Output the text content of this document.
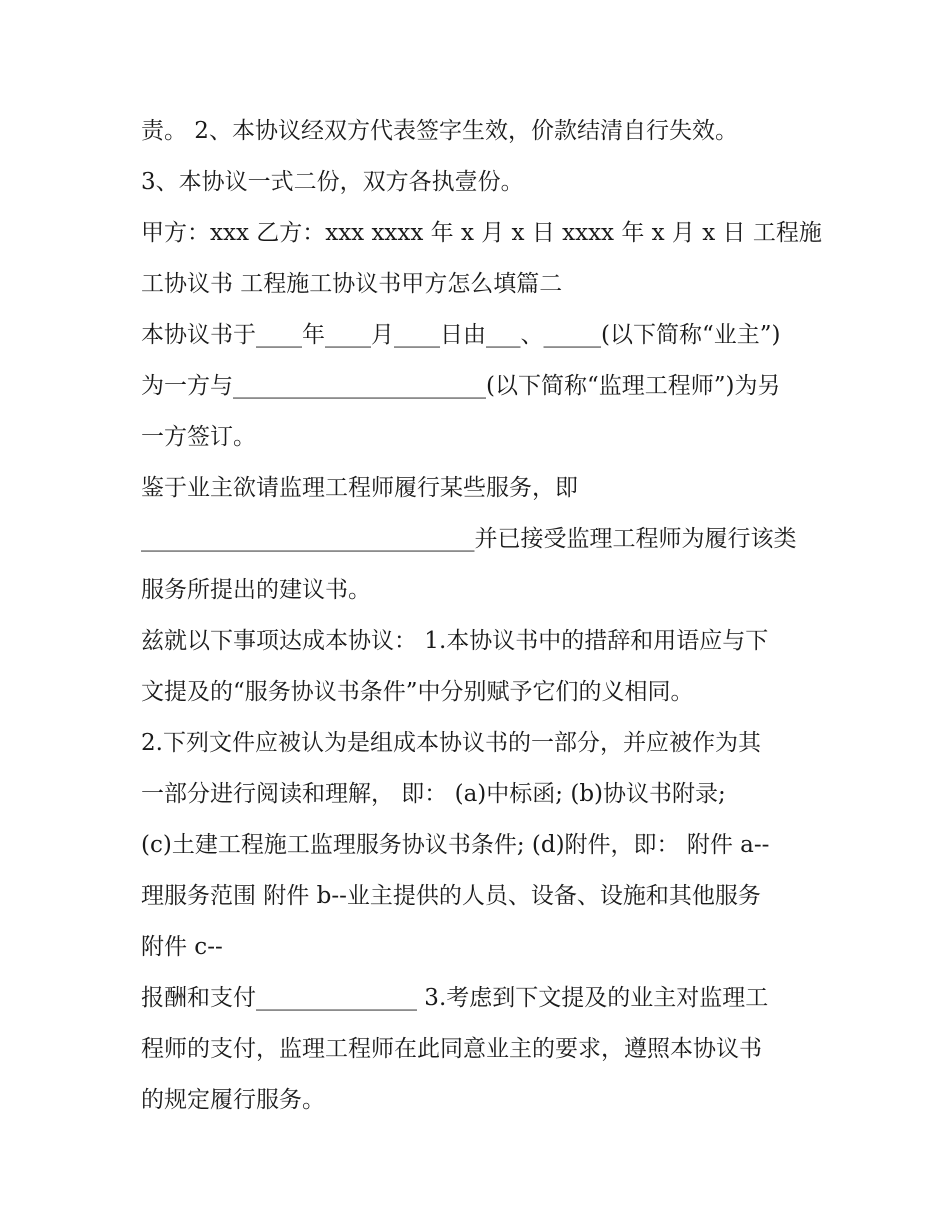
责。 2、本协议经双方代表签字生效，价款结清自行失效。
3、本协议一式二份，双方各执壹份。
甲方：xxx 乙方：xxx xxxx 年 x 月 x 日 xxxx 年 x 月 x 日 工程施
工协议书 工程施工协议书甲方怎么填篇二
本协议书于____年____月____日由___、_____(以下简称“业主”)
为一方与______________________(以下简称“监理工程师”)为另
一方签订。
鉴于业主欲请监理工程师履行某些服务，即
_____________________________并已接受监理工程师为履行该类
服务所提出的建议书。
兹就以下事项达成本协议： 1.本协议书中的措辞和用语应与下
文提及的“服务协议书条件”中分别赋予它们的义相同。
2.下列文件应被认为是组成本协议书的一部分，并应被作为其
一部分进行阅读和理解， 即： (a)中标函; (b)协议书附录;
(c)土建工程施工监理服务协议书条件; (d)附件，即： 附件 a--
理服务范围 附件 b--业主提供的人员、设备、设施和其他服务
附件 c--
报酬和支付______________ 3.考虑到下文提及的业主对监理工
程师的支付，监理工程师在此同意业主的要求，遵照本协议书
的规定履行服务。
